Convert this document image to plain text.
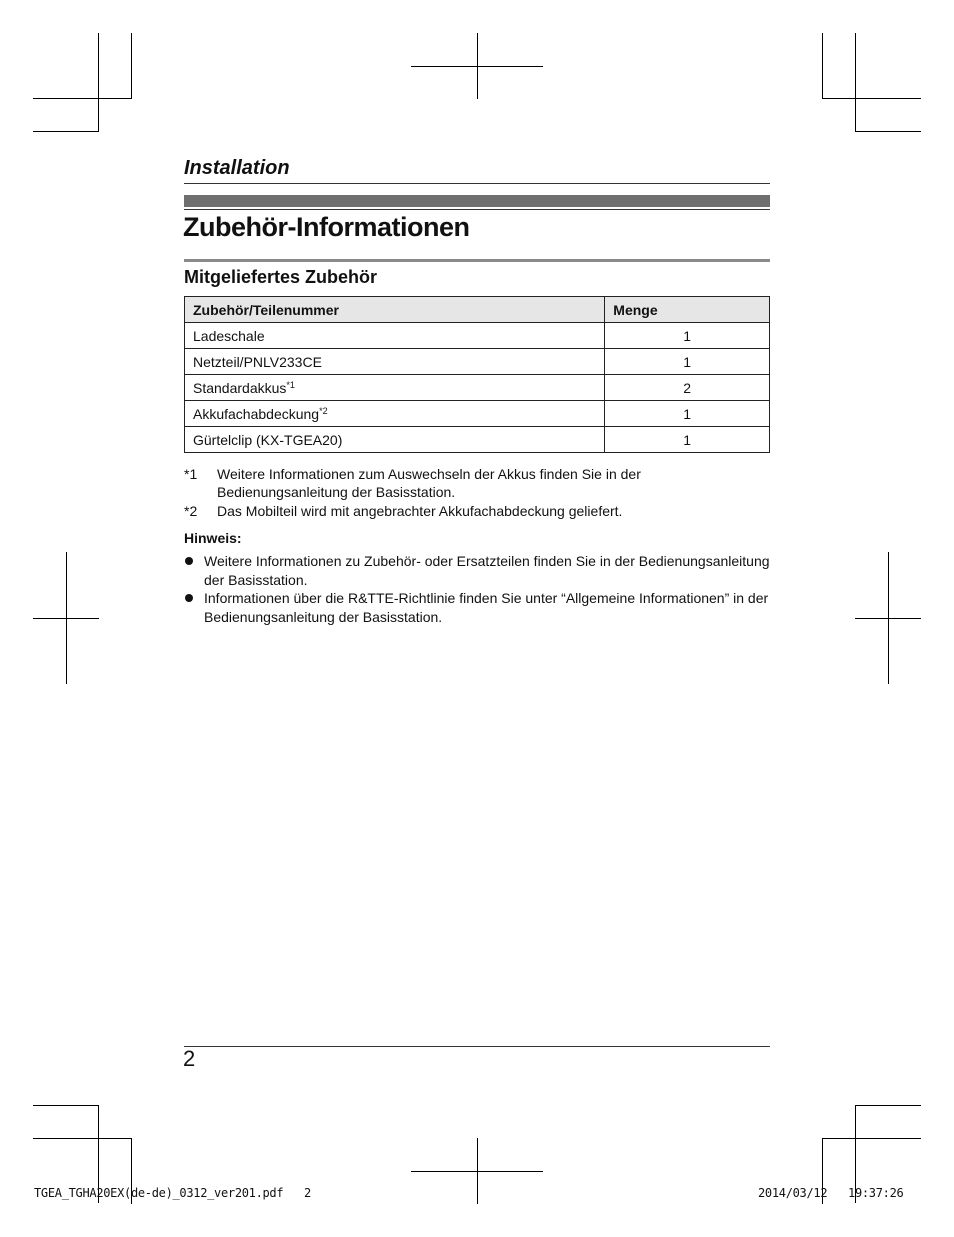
Installation
Zubehör-Informationen
Mitgeliefertes Zubehör
Zubehör/Teilenummer	Menge
Ladeschale	1
Netzteil/PNLV233CE	1
Standardakkus$^{*1}$	2
Akkufachabdeckung$^{*2}$	1
Gürtelclip (KX-TGEA20)	1
*1 Weitere Informationen zum Auswechseln der Akkus finden Sie in der Bedienungsanleitung der Basisstation.
*2 Das Mobilteil wird mit angebrachter Akkufachabdeckung geliefert.
Hinweis:
Weitere Informationen zu Zubehör- oder Ersatzteilen finden Sie in der Bedienungsanleitung der Basisstation.
Informationen über die R&TTE-Richtlinie finden Sie unter “Allgemeine Informationen” in der Bedienungsanleitung der Basisstation.
2
TGEA_TGHA20EX(de-de)_0312_ver201.pdf   2	2014/03/12   19:37:26
